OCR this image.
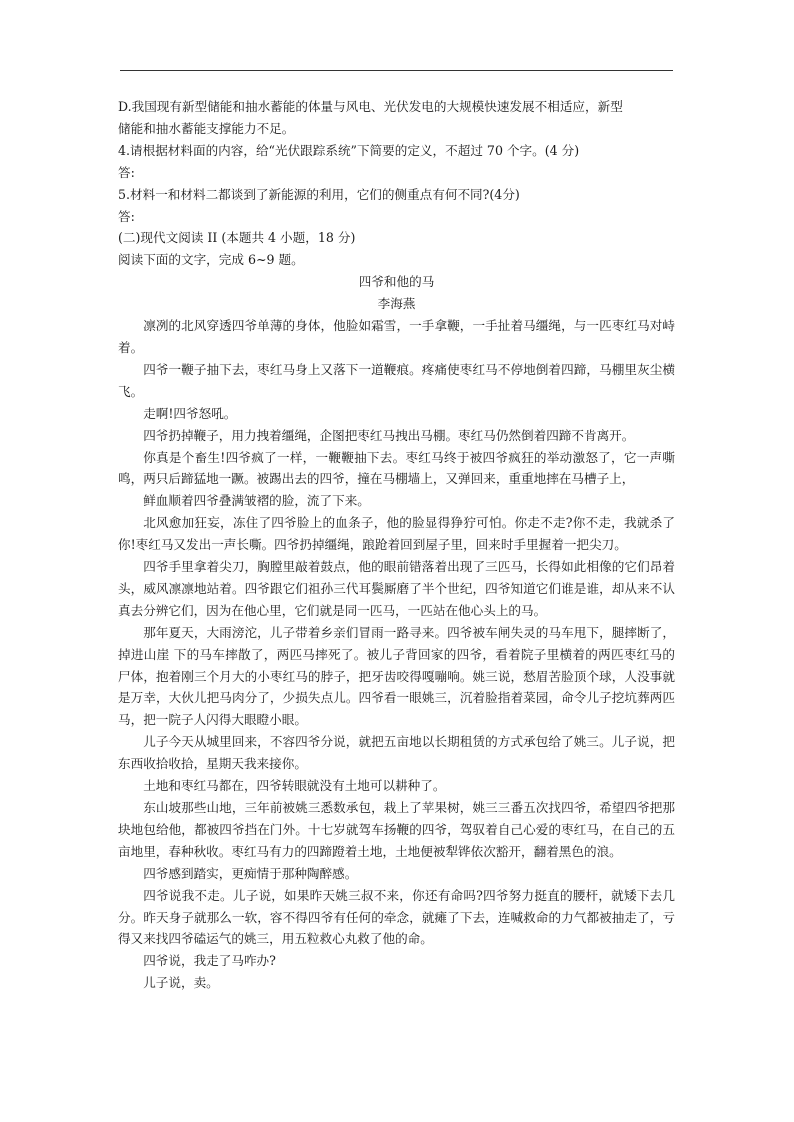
D.我国现有新型储能和抽水蓄能的体量与风电、光伏发电的大规模快速发展不相适应，新型
储能和抽水蓄能支撑能力不足。
4.请根据材料面的内容，给“光伏跟踪系统”下简要的定义，不超过 70 个字。(4 分)
答:
5.材料一和材料二都谈到了新能源的利用，它们的侧重点有何不同?(4分)
答:
(二)现代文阅读 II (本题共 4 小题，18 分)
阅读下面的文字，完成 6~9 题。
四爷和他的马
李海燕
凛冽的北风穿透四爷单薄的身体，他脸如霜雪，一手拿鞭，一手扯着马缰绳，与一匹枣红马对峙着。
四爷一鞭子抽下去，枣红马身上又落下一道鞭痕。疼痛使枣红马不停地倒着四蹄，马棚里灰尘横飞。
走啊!四爷怒吼。
四爷扔掉鞭子，用力拽着缰绳，企图把枣红马拽出马棚。枣红马仍然倒着四蹄不肯离开。
你真是个畜生!四爷疯了一样，一鞭鞭抽下去。枣红马终于被四爷疯狂的举动激怒了，它一声嘶鸣，两只后蹄猛地一蹶。被踢出去的四爷，撞在马棚墙上，又弹回来，重重地摔在马槽子上，
鲜血顺着四爷叠满皱褶的脸，流了下来。
北风愈加狂妄，冻住了四爷脸上的血条子，他的脸显得狰狞可怕。你走不走?你不走，我就杀了你!枣红马又发出一声长嘶。四爷扔掉缰绳，踉跄着回到屋子里，回来时手里握着一把尖刀。
四爷手里拿着尖刀，胸膛里敲着鼓点，他的眼前错落着出现了三匹马，长得如此相像的它们昂着头，威风凛凛地站着。四爷跟它们祖孙三代耳鬓厮磨了半个世纪，四爷知道它们谁是谁，却从来不认真去分辨它们，因为在他心里，它们就是同一匹马，一匹站在他心头上的马。
那年夏天，大雨滂沱，儿子带着乡亲们冒雨一路寻来。四爷被车闸失灵的马车甩下，腿摔断了，掉进山崖 下的马车摔散了，两匹马摔死了。被儿子背回家的四爷，看着院子里横着的两匹枣红马的尸体，抱着刚三个月大的小枣红马的脖子，把牙齿咬得嘎嘣响。姚三说，愁眉苦脸顶个球，人没事就是万幸，大伙儿把马肉分了，少损失点儿。四爷看一眼姚三，沉着脸指着菜园，命令儿子挖坑葬两匹马，把一院子人闪得大眼瞪小眼。
儿子今天从城里回来，不容四爷分说，就把五亩地以长期租赁的方式承包给了姚三。儿子说，把东西收拾收拾，星期天我来接你。
土地和枣红马都在，四爷转眼就没有土地可以耕种了。
东山坡那些山地，三年前被姚三悉数承包，栽上了苹果树，姚三三番五次找四爷，希望四爷把那块地包给他，都被四爷挡在门外。十七岁就驾车扬鞭的四爷，驾驭着自己心爱的枣红马，在自己的五亩地里，春种秋收。枣红马有力的四蹄蹬着土地，土地便被犁铧依次豁开，翻着黑色的浪。
四爷感到踏实，更痴情于那种陶醉感。
四爷说我不走。儿子说，如果昨天姚三叔不来，你还有命吗?四爷努力挺直的腰杆，就矮下去几分。昨天身子就那么一软，容不得四爷有任何的牵念，就瘫了下去，连喊救命的力气都被抽走了，亏得又来找四爷磕运气的姚三，用五粒救心丸救了他的命。
四爷说，我走了马咋办?
儿子说，卖。
